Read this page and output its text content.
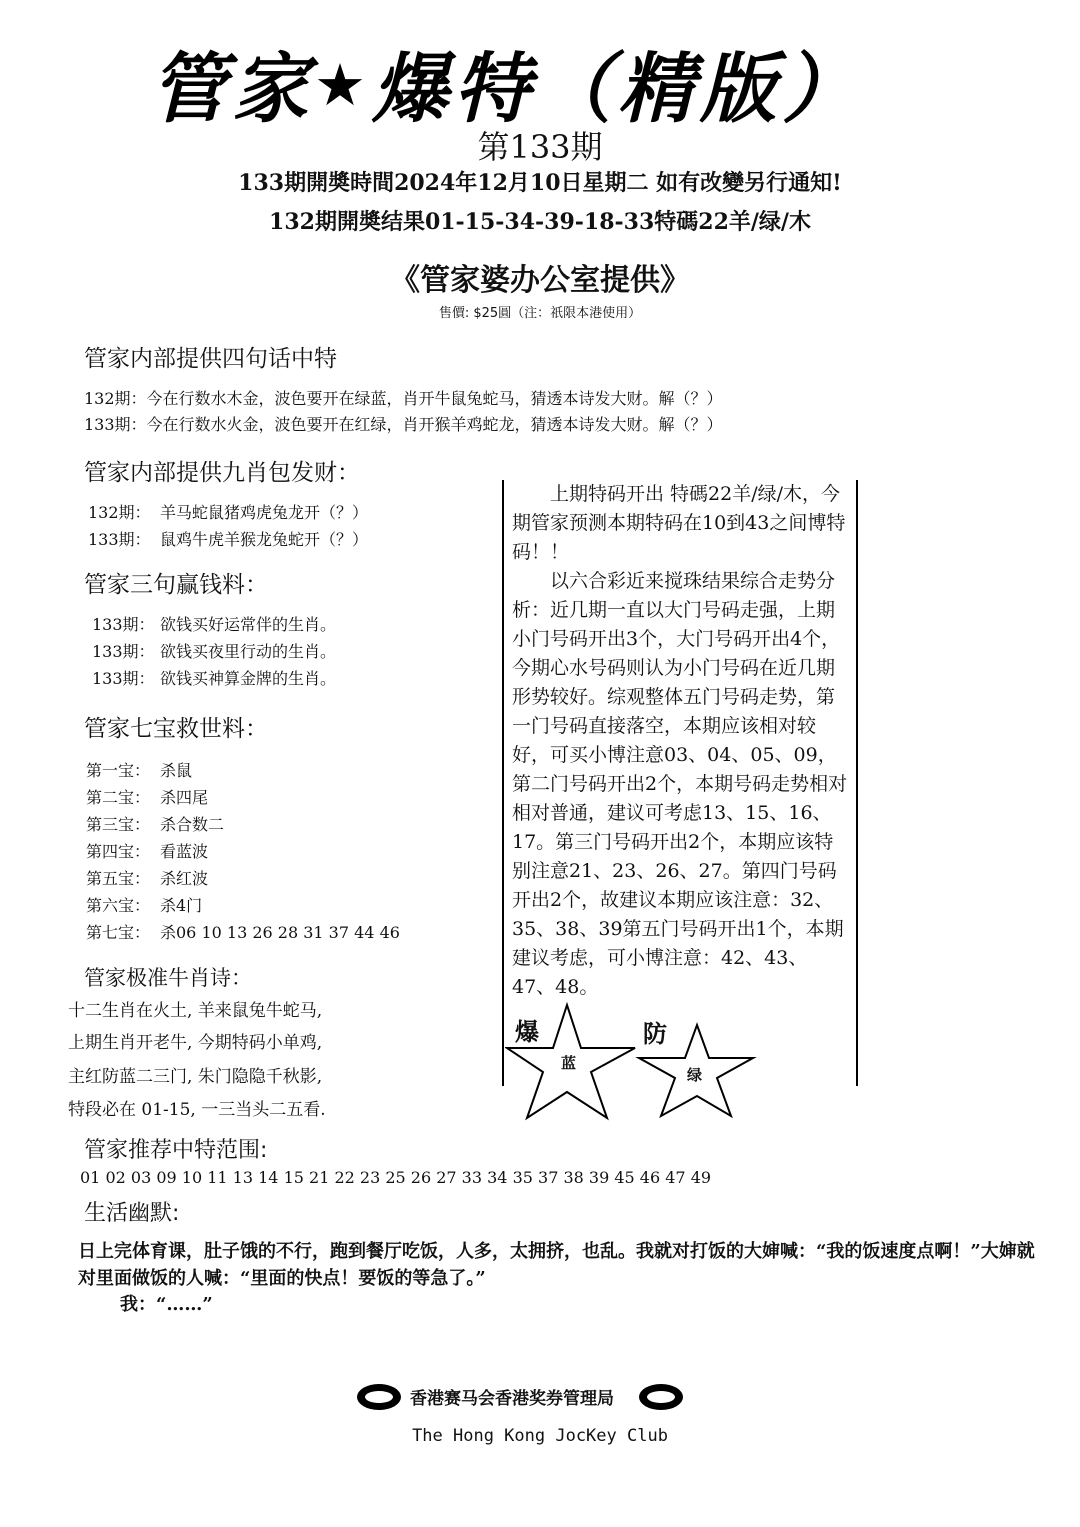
管家★爆特（精版）
第133期
133期開奬時間2024年12月10日星期二 如有改變另行通知!
132期開奬结果01-15-34-39-18-33特碼22羊/绿/木
《管家婆办公室提供》
售價: $25圓（注：祇限本港使用）
管家内部提供四句话中特
132期：今在行数水木金，波色要开在绿蓝，肖开牛鼠兔蛇马，猜透本诗发大财。解（？）
133期：今在行数水火金，波色要开在红绿，肖开猴羊鸡蛇龙，猜透本诗发大财。解（？）
管家内部提供九肖包发财：
132期： 羊马蛇鼠猪鸡虎兔龙开（？）
133期： 鼠鸡牛虎羊猴龙兔蛇开（？）
管家三句赢钱料：
133期： 欲钱买好运常伴的生肖。
133期： 欲钱买夜里行动的生肖。
133期： 欲钱买神算金牌的生肖。
管家七宝救世料：
第一宝： 杀鼠
第二宝： 杀四尾
第三宝： 杀合数二
第四宝： 看蓝波
第五宝： 杀红波
第六宝： 杀4门
第七宝： 杀06 10 13 26 28 31 37 44 46
管家极准牛肖诗：
十二生肖在火土, 羊来鼠兔牛蛇马,
上期生肖开老牛, 今期特码小单鸡,
主红防蓝二三门, 朱门隐隐千秋影,
特段必在 01-15, 一三当头二五看.

上期特码开出 特碼22羊/绿/木，今期管家预测本期特码在10到43之间博特码！！

以六合彩近来搅珠结果综合走势分析：近几期一直以大门号码走强，上期小门号码开出3个，大门号码开出4个，今期心水号码则认为小门号码在近几期形势较好。综观整体五门号码走势，第一门号码直接落空，本期应该相对较好，可买小博注意03、04、05、09，第二门号码开出2个，本期号码走势相对相对普通，建议可考虑13、15、16、17。第三门号码开出2个，本期应该特别注意21、23、26、27。第四门号码开出2个，故建议本期应该注意：32、35、38、39第五门号码开出1个，本期建议考虑，可小博注意：42、43、47、48。

爆
蓝
防
绿
管家推荐中特范围:
01 02 03 09 10 11 13 14 15 21 22 23 25 26 27 33 34 35 37 38 39 45 46 47 49
生活幽默:
日上完体育课，肚子饿的不行，跑到餐厅吃饭，人多，太拥挤，也乱。我就对打饭的大婶喊：“我的饭速度点啊！”大婶就对里面做饭的人喊：“里面的快点！要饭的等急了。”
我：“……”
香港赛马会香港奖券管理局
The Hong Kong JocKey Club
